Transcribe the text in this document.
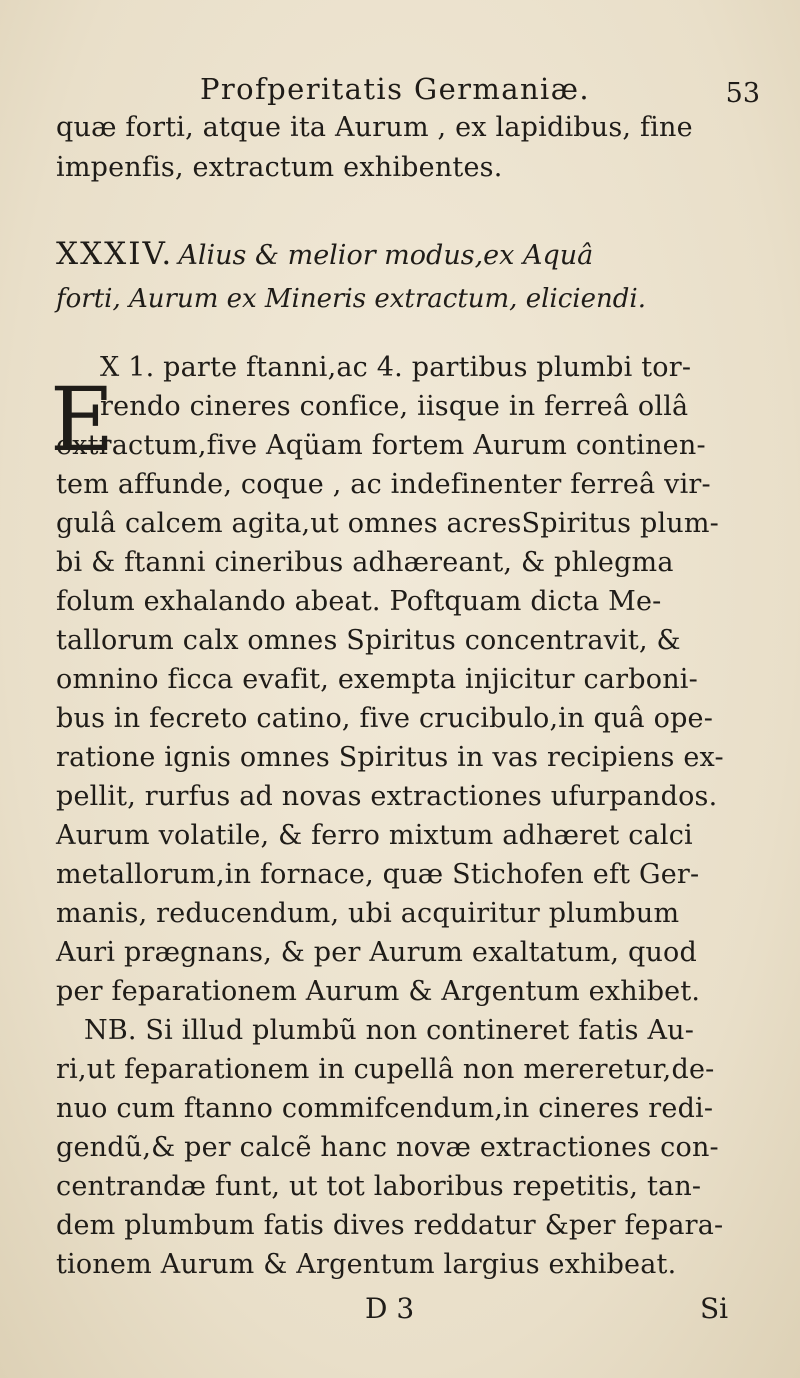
Profperitatis Germaniæ.	53
quæ forti, atque ita Aurum , ex lapidibus, fine
impenfis, extractum exhibentes.
XXXIV. Alius & melior modus,ex Aquâ
forti, Aurum ex Mineris extractum, eliciendi.
E
X 1. parte ftanni,ac 4. partibus plumbi tor-
rendo cineres confice, iisque in ferreâ ollâ
extractum,five Aqüam fortem Aurum continen-
tem affunde, coque , ac indefinenter ferreâ vir-
gulâ calcem agita,ut omnes acresSpiritus plum-
bi & ftanni cineribus adhæreant, & phlegma
folum exhalando abeat. Poftquam dicta Me-
tallorum calx omnes Spiritus concentravit, &
omnino ficca evafit, exempta injicitur carboni-
bus in fecreto catino, five crucibulo,in quâ ope-
ratione ignis omnes Spiritus in vas recipiens ex-
pellit, rurfus ad novas extractiones ufurpandos.
Aurum volatile, & ferro mixtum adhæret calci
metallorum,in fornace, quæ Stichofen eft Ger-
manis, reducendum, ubi acquiritur plumbum
Auri prægnans, & per Aurum exaltatum, quod
per feparationem Aurum & Argentum exhibet.
NB. Si illud plumbũ non contineret fatis Au-
ri,ut feparationem in cupellâ non mereretur,de-
nuo cum ftanno commifcendum,in cineres redi-
gendũ,& per calcẽ hanc novæ extractiones con-
centrandæ funt, ut tot laboribus repetitis, tan-
dem plumbum fatis dives reddatur &per fepara-
tionem Aurum & Argentum largius exhibeat.
D 3	Si
